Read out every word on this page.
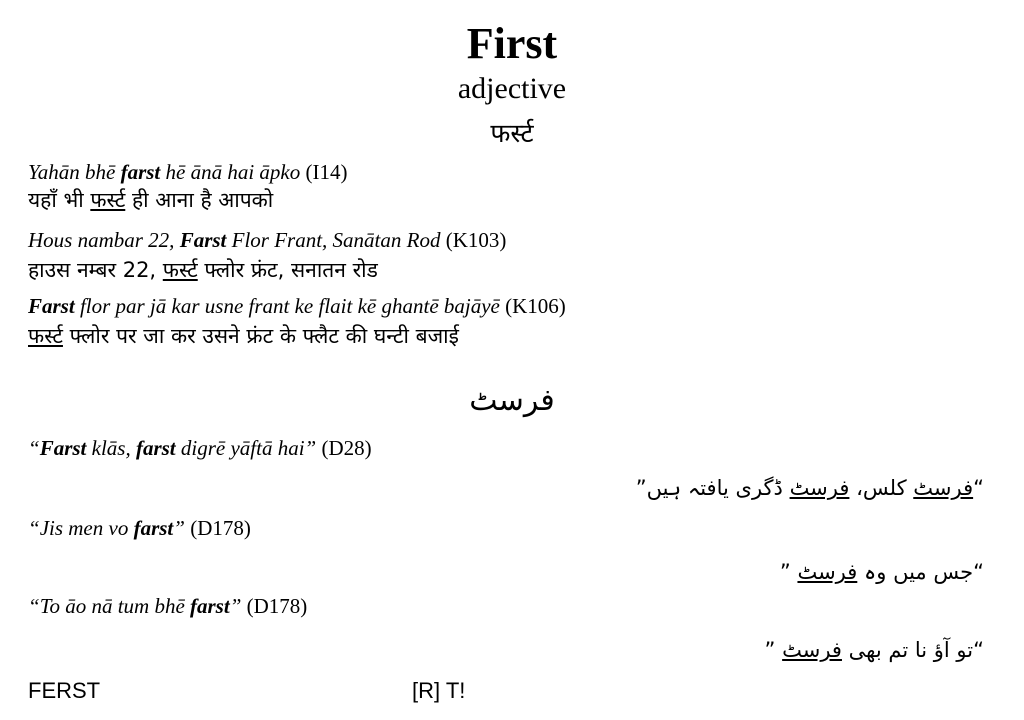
First
adjective
फर्स्ट
Yahān bhē farst hē ānā hai āpko (I14)
यहाँ भी फर्स्ट ही आना है आपको
Hous nambar 22, Farst Flor Frant, Sanātan Rod (K103)
हाउस नम्बर 22, फर्स्ट फ्लोर फ्रंट, सनातन रोड
Farst flor par jā kar usne frant ke flait kē ghantē bajāyē (K106)
फर्स्ट फ्लोर पर जा कर उसने फ्रंट के फ्लैट की घन्टी बजाई
فرسٹ
“Farst klās, farst digrē yāftā hai” (D28)
“فرسٹ کلس، فرسٹ ڈگری یافتہ ہیں”
“Jis men vo farst” (D178)
“جس میں وہ فرسٹ ”
“To āo nā tum bhē farst” (D178)
“تو آؤ نا تم بھی فرسٹ ”
FERST	[R] T!
